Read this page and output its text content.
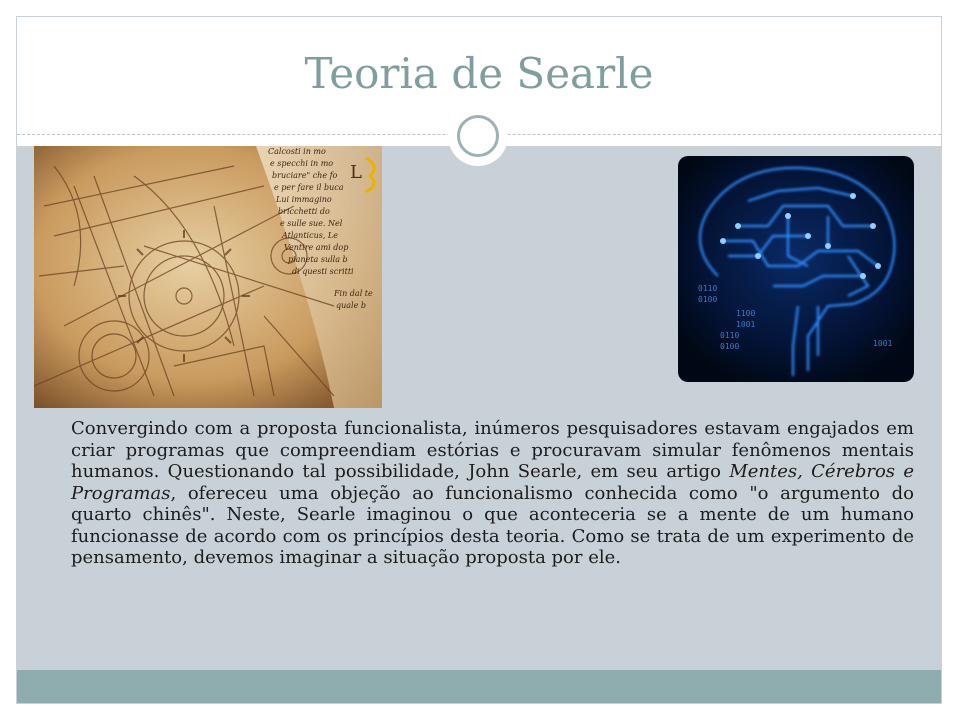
Teoria de Searle
Calcosti in mo
e specchi in mo
bruciare" che fo
e per fare il buca
Lui immagino
bricchetti do
e sulle sue. Nel
Atlanticus, Le
Ventire ami dop
pianeta sulla b
di questi scritti
Fin dal te
quale b
L
0110
0100
1100
1001
0110
0100	1001

Convergindo com a proposta funcionalista, inúmeros pesquisadores estavam engajados em criar programas que compreendiam estórias e procuravam simular fenômenos mentais humanos. Questionando tal possibilidade, John Searle, em seu artigo Mentes, Cérebros e Programas, ofereceu uma objeção ao funcionalismo conhecida como "o argumento do quarto chinês". Neste, Searle imaginou o que aconteceria se a mente de um humano funcionasse de acordo com os princípios desta teoria. Como se trata de um experimento de pensamento, devemos imaginar a situação proposta por ele.
